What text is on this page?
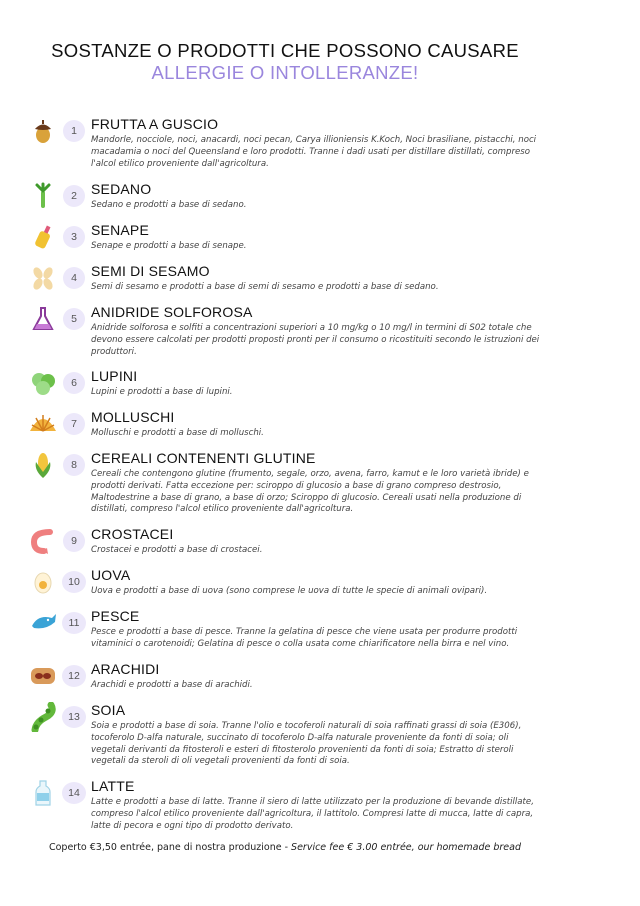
SOSTANZE O PRODOTTI CHE POSSONO CAUSARE
ALLERGIE O INTOLLERANZE!
1	FRUTTA A GUSCIO
Mandorle, nocciole, noci, anacardi, noci pecan, Carya illioniensis K.Koch, Noci brasiliane, pistacchi, noci macadamia o noci del Queensland e loro prodotti. Tranne i dadi usati per distillare distillati, compreso l'alcol etilico proveniente dall'agricoltura.
2	SEDANO
Sedano e prodotti a base di sedano.
3	SENAPE
Senape e prodotti a base di senape.
4	SEMI DI SESAMO
Semi di sesamo e prodotti a base di semi di sesamo e prodotti a base di sedano.
5	ANIDRIDE SOLFOROSA
Anidride solforosa e solfiti a concentrazioni superiori a 10 mg/kg o 10 mg/l in termini di S02 totale che devono essere calcolati per prodotti proposti pronti per il consumo o ricostituiti secondo le istruzioni dei produttori.
6	LUPINI
Lupini e prodotti a base di lupini.
7	MOLLUSCHI
Molluschi e prodotti a base di molluschi.
8	CEREALI CONTENENTI GLUTINE
Cereali che contengono glutine (frumento, segale, orzo, avena, farro, kamut e le loro varietà ibride) e prodotti derivati. Fatta eccezione per: sciroppo di glucosio a base di grano compreso destrosio, Maltodestrine a base di grano, a base di orzo; Sciroppo di glucosio. Cereali usati nella produzione di distillati, compreso l'alcol etilico proveniente dall'agricoltura.
9	CROSTACEI
Crostacei e prodotti a base di crostacei.
10 UOVA
Uova e prodotti a base di uova (sono comprese le uova di tutte le specie di animali ovipari).
11 PESCE
Pesce e prodotti a base di pesce. Tranne la gelatina di pesce che viene usata per produrre prodotti vitaminici o carotenoidi; Gelatina di pesce o colla usata come chiarificatore nella birra e nel vino.
12 ARACHIDI
Arachidi e prodotti a base di arachidi.
13 SOIA
Soia e prodotti a base di soia. Tranne l'olio e tocoferoli naturali di soia raffinati grassi di soia (E306), tocoferolo D-alfa naturale, succinato di tocoferolo D-alfa naturale proveniente da fonti di soia; oli vegetali derivanti da fitosteroli e esteri di fitosterolo provenienti da fonti di soia; Estratto di steroli vegetali da steroli di oli vegetali provenienti da fonti di soia.
14 LATTE
Latte e prodotti a base di latte. Tranne il siero di latte utilizzato per la produzione di bevande distillate, compreso l'alcol etilico proveniente dall'agricoltura, il lattitolo. Compresi latte di mucca, latte di capra, latte di pecora e ogni tipo di prodotto derivato.
Coperto €3,50 entrée, pane di nostra produzione - Service fee € 3.00 entrée, our homemade bread
